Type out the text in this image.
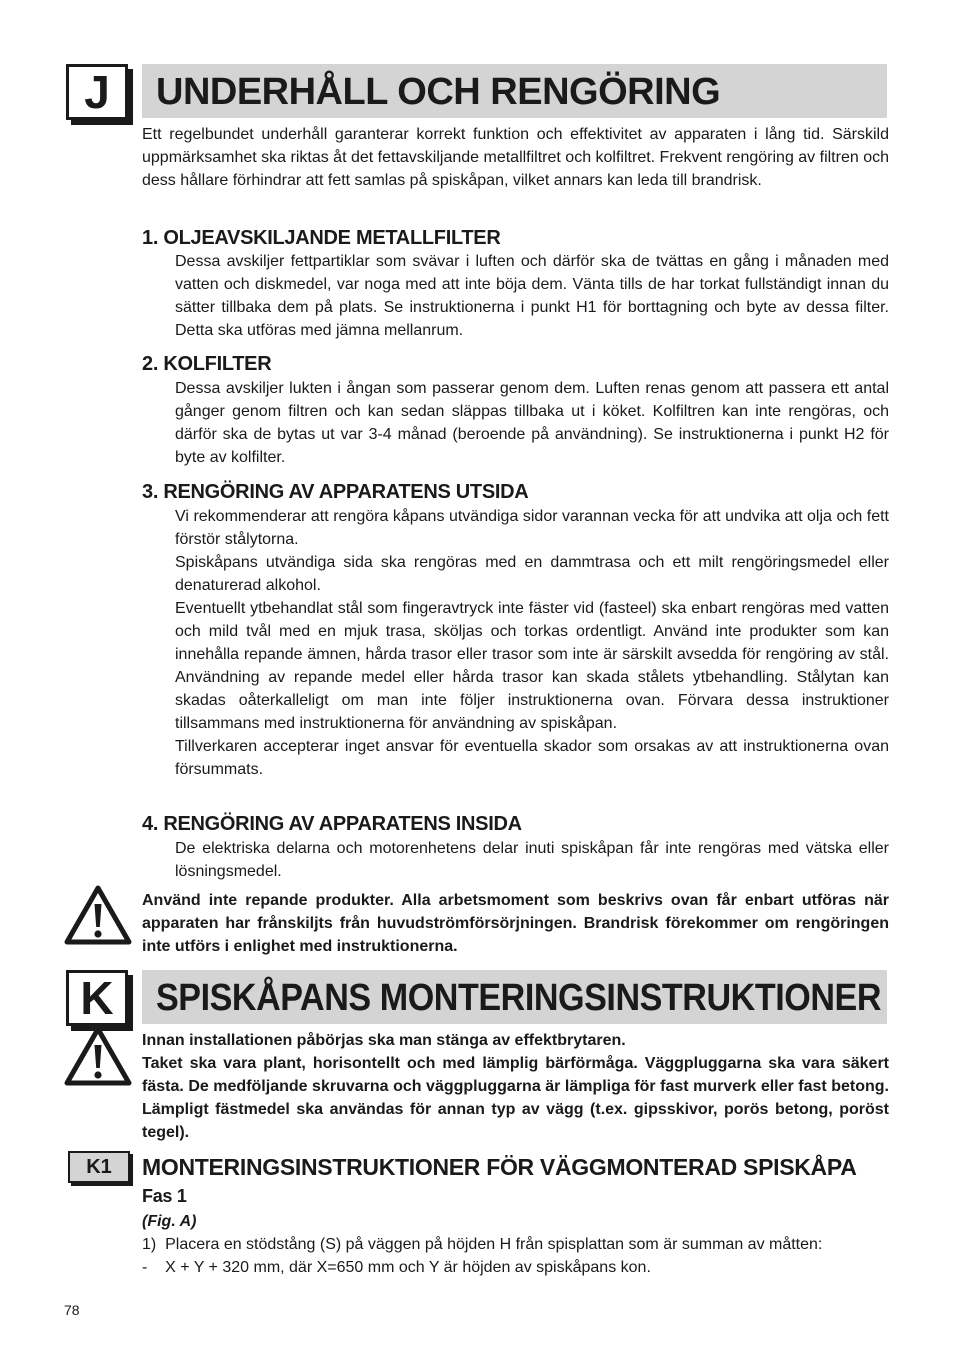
J	UNDERHÅLL OCH RENGÖRING
Ett regelbundet underhåll garanterar korrekt funktion och effektivitet av apparaten i lång tid. Särskild uppmärksamhet ska riktas åt det fettavskiljande metallfiltret och kolfiltret. Frekvent rengöring av filtren och dess hållare förhindrar att fett samlas på spiskåpan, vilket annars kan leda till brandrisk.
1. OLJEAVSKILJANDE METALLFILTER
Dessa avskiljer fettpartiklar som svävar i luften och därför ska de tvättas en gång i månaden med vatten och diskmedel, var noga med att inte böja dem. Vänta tills de har torkat fullständigt innan du sätter tillbaka dem på plats. Se instruktionerna i punkt H1 för borttagning och byte av dessa filter. Detta ska utföras med jämna mellanrum.
2. KOLFILTER
Dessa avskiljer lukten i ångan som passerar genom dem. Luften renas genom att passera ett antal gånger genom filtren och kan sedan släppas tillbaka ut i köket. Kolfiltren kan inte rengöras, och därför ska de bytas ut var 3-4 månad (beroende på användning). Se instruktionerna i punkt H2 för byte av kolfilter.
3. RENGÖRING AV APPARATENS UTSIDA

Vi rekommenderar att rengöra kåpans utvändiga sidor varannan vecka för att undvika att olja och fett förstör stålytorna.

Spiskåpans utvändiga sida ska rengöras med en dammtrasa och ett milt rengöringsmedel eller denaturerad alkohol.

Eventuellt ytbehandlat stål som fingeravtryck inte fäster vid (fasteel) ska enbart rengöras med vatten och mild tvål med en mjuk trasa, sköljas och torkas ordentligt. Använd inte produkter som kan innehålla repande ämnen, hårda trasor eller trasor som inte är särskilt avsedda för rengöring av stål. Användning av repande medel eller hårda trasor kan skada stålets ytbehandling. Stålytan kan skadas oåterkalleligt om man inte följer instruktionerna ovan. Förvara dessa instruktioner tillsammans med instruktionerna för användning av spiskåpan.

Tillverkaren accepterar inget ansvar för eventuella skador som orsakas av att instruktionerna ovan försummats.

4. RENGÖRING AV APPARATENS INSIDA
De elektriska delarna och motorenhetens delar inuti spiskåpan får inte rengöras med vätska eller lösningsmedel.
Använd inte repande produkter. Alla arbetsmoment som beskrivs ovan får enbart utföras när apparaten har frånskiljts från huvudströmförsörjningen. Brandrisk förekommer om rengöringen inte utförs i enlighet med instruktionerna.
K	SPISKÅPANS MONTERINGSINSTRUKTIONER

Innan installationen påbörjas ska man stänga av effektbrytaren.

Taket ska vara plant, horisontellt och med lämplig bärförmåga. Väggpluggarna ska vara säkert fästa. De medföljande skruvarna och väggpluggarna är lämpliga för fast murverk eller fast betong. Lämpligt fästmedel ska användas för annan typ av vägg (t.ex. gipsskivor, porös betong, poröst tegel).

K1	MONTERINGSINSTRUKTIONER FÖR VÄGGMONTERAD SPISKÅPA
Fas 1
(Fig. A)
1)  Placera en stödstång (S) på väggen på höjden H från spisplattan som är summan av måtten:
-    X + Y + 320 mm, där X=650 mm och Y är höjden av spiskåpans kon.
78
